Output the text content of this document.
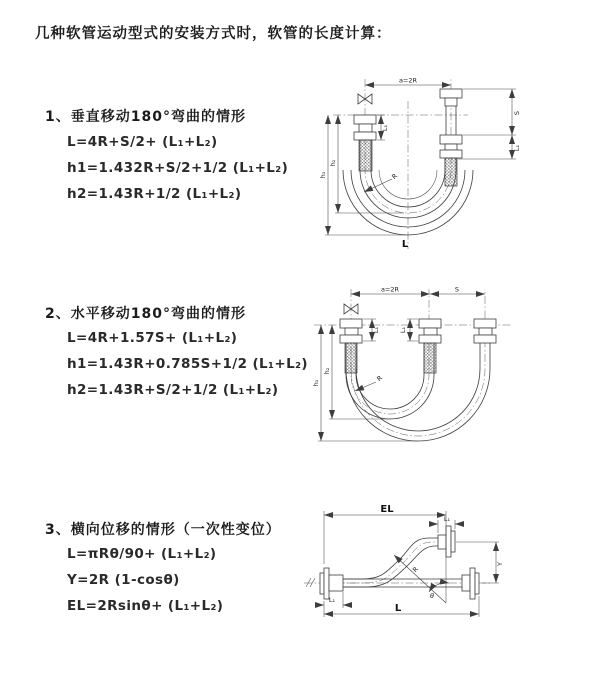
几种软管运动型式的安装方式时，软管的长度计算：
1、垂直移动180°弯曲的情形
L=4R+S/2+ (L₁+L₂)
h1=1.432R+S/2+1/2 (L₁+L₂)
h2=1.43R+1/2 (L₁+L₂)
2、水平移动180°弯曲的情形
L=4R+1.57S+ (L₁+L₂)
h1=1.43R+0.785S+1/2 (L₁+L₂)
h2=1.43R+S/2+1/2 (L₁+L₂)
3、横向位移的情形（一次性变位）
L=πRθ/90+ (L₁+L₂)
Y=2R (1-cosθ)
EL=2Rsinθ+ (L₁+L₂)
a=2R
h₁
h₂
L₁
S
L₁
R
L
a=2R	S
h₁
h₂
L₁	L₁
R
EL
L₁
Y
L
L₁
R
θ
